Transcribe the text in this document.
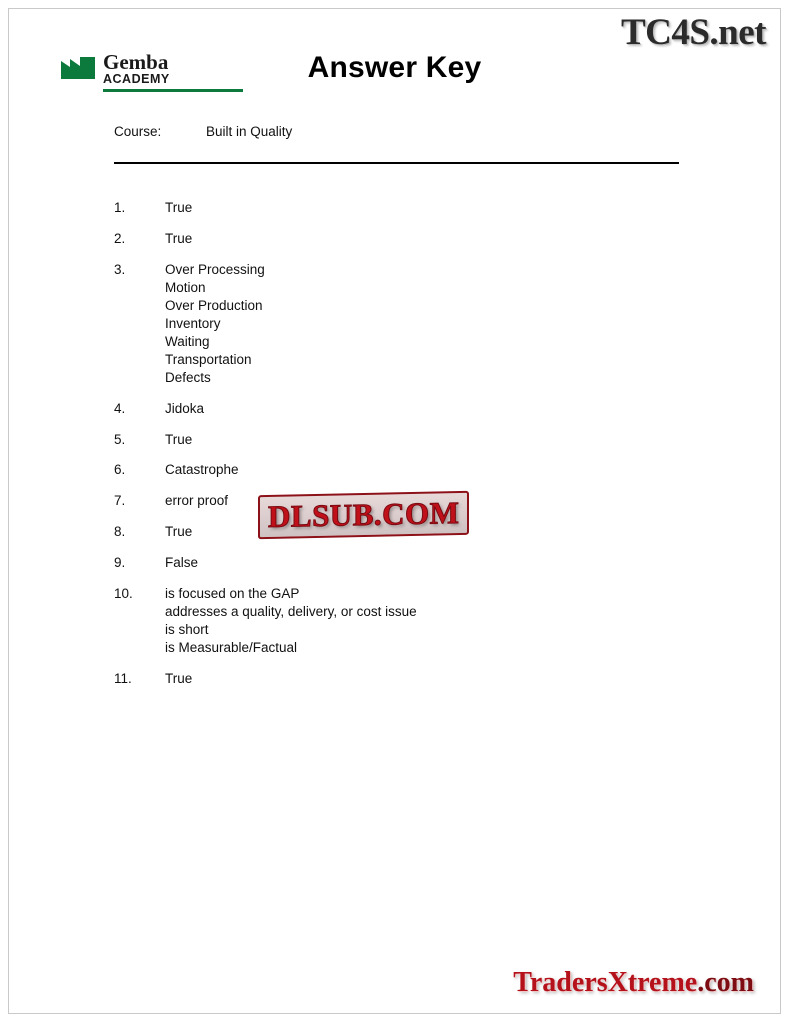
TC4S.net
Gemba
ACADEMY	Answer Key
Course:	Built in Quality
1.	True
2.	True
3.	Over Processing
Motion
Over Production
Inventory
Waiting
Transportation
Defects
4.	Jidoka
5.	True
6.	Catastrophe
7.	error proof
8.	True
9.	False
10.	is focused on the GAP
addresses a quality, delivery, or cost issue
is short
is Measurable/Factual
11.	True
DLSUB.COM
TradersXtreme.com
